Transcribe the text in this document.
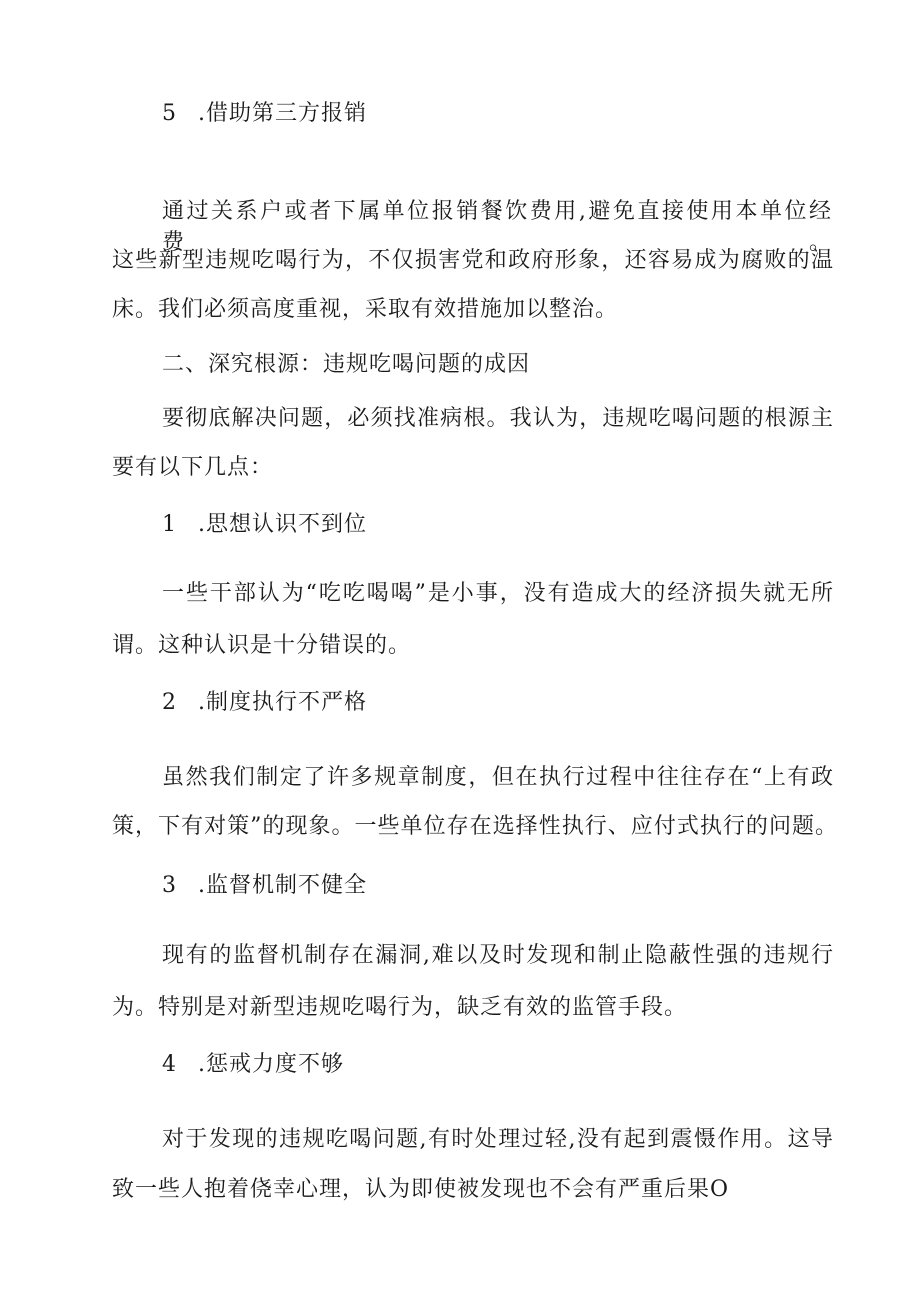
5 .借助第三方报销
通过关系户或者下属单位报销餐饮费用,避免直接使用本单位经费。
这些新型违规吃喝行为，不仅损害党和政府形象，还容易成为腐败的温
床。我们必须高度重视，采取有效措施加以整治。
二、深究根源：违规吃喝问题的成因
要彻底解决问题，必须找准病根。我认为，违规吃喝问题的根源主
要有以下几点：
1 .思想认识不到位
一些干部认为“吃吃喝喝”是小事，没有造成大的经济损失就无所
谓。这种认识是十分错误的。
2 .制度执行不严格
虽然我们制定了许多规章制度，但在执行过程中往往存在“上有政
策，下有对策”的现象。一些单位存在选择性执行、应付式执行的问题。
3 .监督机制不健全
现有的监督机制存在漏洞,难以及时发现和制止隐蔽性强的违规行
为。特别是对新型违规吃喝行为，缺乏有效的监管手段。
4 .惩戒力度不够
对于发现的违规吃喝问题,有时处理过轻,没有起到震慑作用。这导
致一些人抱着侥幸心理，认为即使被发现也不会有严重后果O
